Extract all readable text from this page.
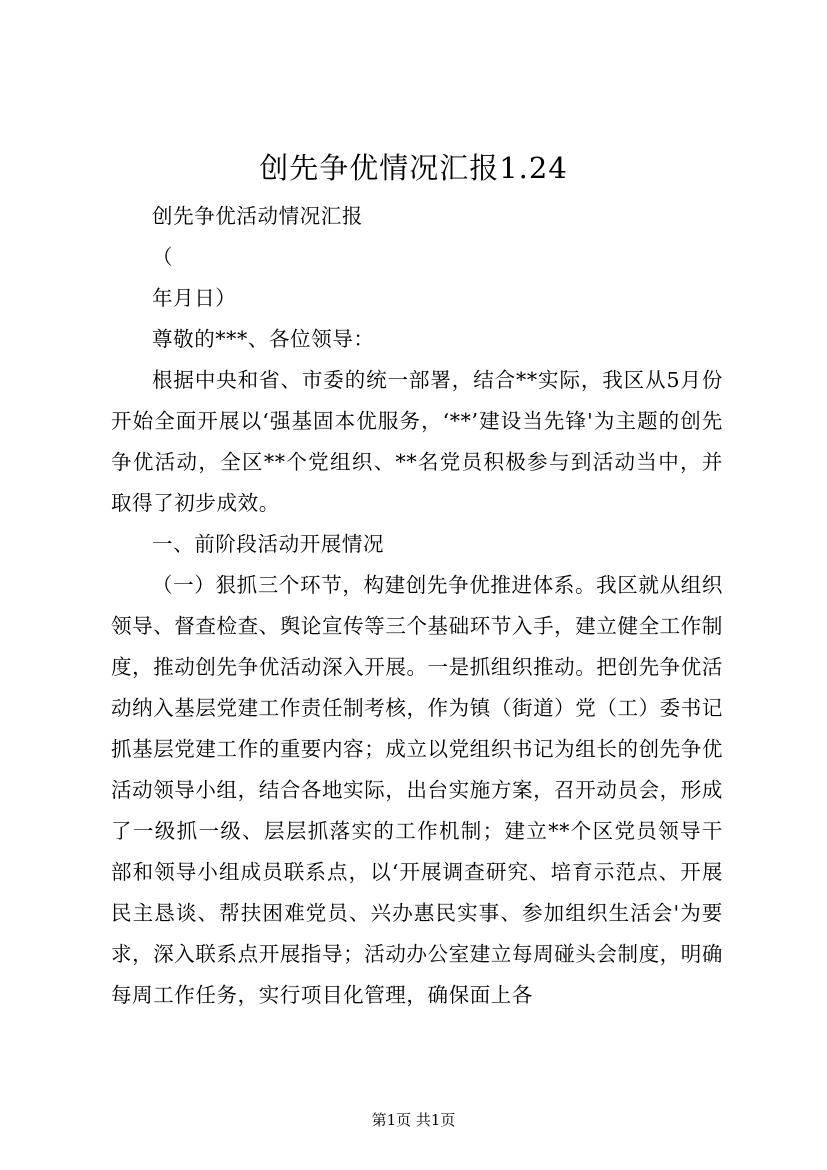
创先争优情况汇报1.24

创先争优活动情况汇报

（

年月日）

尊敬的***、各位领导：

根据中央和省、市委的统一部署，结合**实际，我区从5月份开始全面开展以‘强基固本优服务，‘**’建设当先锋'为主题的创先争优活动，全区**个党组织、**名党员积极参与到活动当中，并取得了初步成效。

一、前阶段活动开展情况

（一）狠抓三个环节，构建创先争优推进体系。我区就从组织领导、督查检查、舆论宣传等三个基础环节入手，建立健全工作制度，推动创先争优活动深入开展。一是抓组织推动。把创先争优活动纳入基层党建工作责任制考核，作为镇（街道）党（工）委书记抓基层党建工作的重要内容；成立以党组织书记为组长的创先争优活动领导小组，结合各地实际，出台实施方案，召开动员会，形成了一级抓一级、层层抓落实的工作机制；建立**个区党员领导干部和领导小组成员联系点，以‘开展调查研究、培育示范点、开展民主恳谈、帮扶困难党员、兴办惠民实事、参加组织生活会'为要求，深入联系点开展指导；活动办公室建立每周碰头会制度，明确每周工作任务，实行项目化管理，确保面上各

第1页 共1页
